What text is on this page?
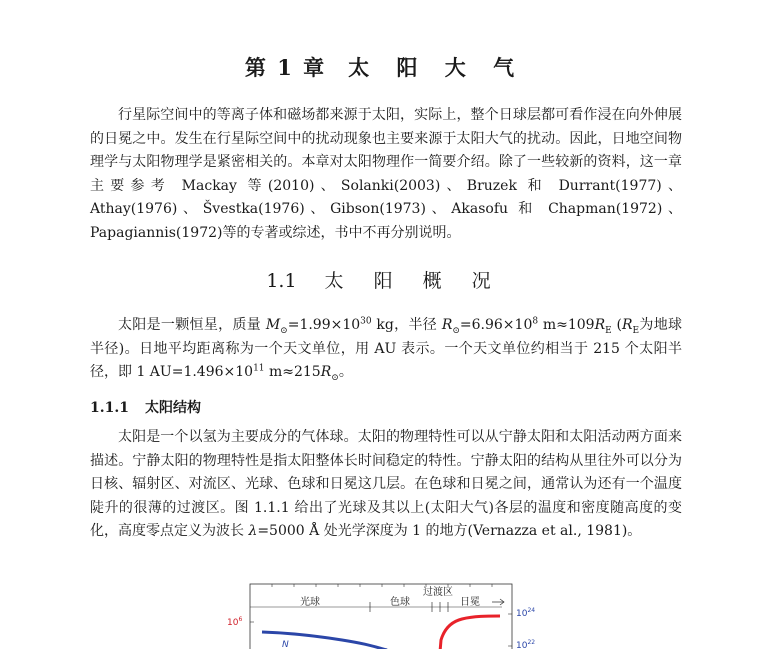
第 1 章 太 阳 大 气

行星际空间中的等离子体和磁场都来源于太阳，实际上，整个日球层都可看作浸在向外伸展的日冕之中。发生在行星际空间中的扰动现象也主要来源于太阳大气的扰动。因此，日地空间物理学与太阳物理学是紧密相关的。本章对太阳物理作一简要介绍。除了一些较新的资料，这一章主要参考 Mackay 等(2010)、Solanki(2003)、Bruzek 和 Durrant(1977)、Athay(1976)、Švestka(1976)、Gibson(1973)、Akasofu 和 Chapman(1972)、Papagiannis(1972)等的专著或综述，书中不再分别说明。

1.1 太 阳 概 况

太阳是一颗恒星，质量 $M_⊙=1.99\times 10^{30}$ kg，半径 $R_⊙=6.96\times 10^8$ $m\approx 109R_E$ ($R_E$为地球半径)。日地平均距离称为一个天文单位，用 AU 表示。一个天文单位约相当于 215 个太阳半径，即 1 $AU=1.496\times 10^{11}$ $m\approx 215R_⊙$。

1.1.1 太阳结构

太阳是一个以氢为主要成分的气体球。太阳的物理特性可以从宁静太阳和太阳活动两方面来描述。宁静太阳的物理特性是指太阳整体长时间稳定的特性。宁静太阳的结构从里往外可以分为日核、辐射区、对流区、光球、色球和日冕这几层。在色球和日冕之间，通常认为还有一个温度陡升的很薄的过渡区。图 1.1.1 给出了光球及其以上(太阳大气)各层的温度和密度随高度的变化，高度零点定义为波长 λ=5000 Å 处光学深度为 1 的地方(Vernazza et al., 1981)。

光球	色球
过渡区
日冕
$10^6$
$10^{24}$
$10^{22}$
N
